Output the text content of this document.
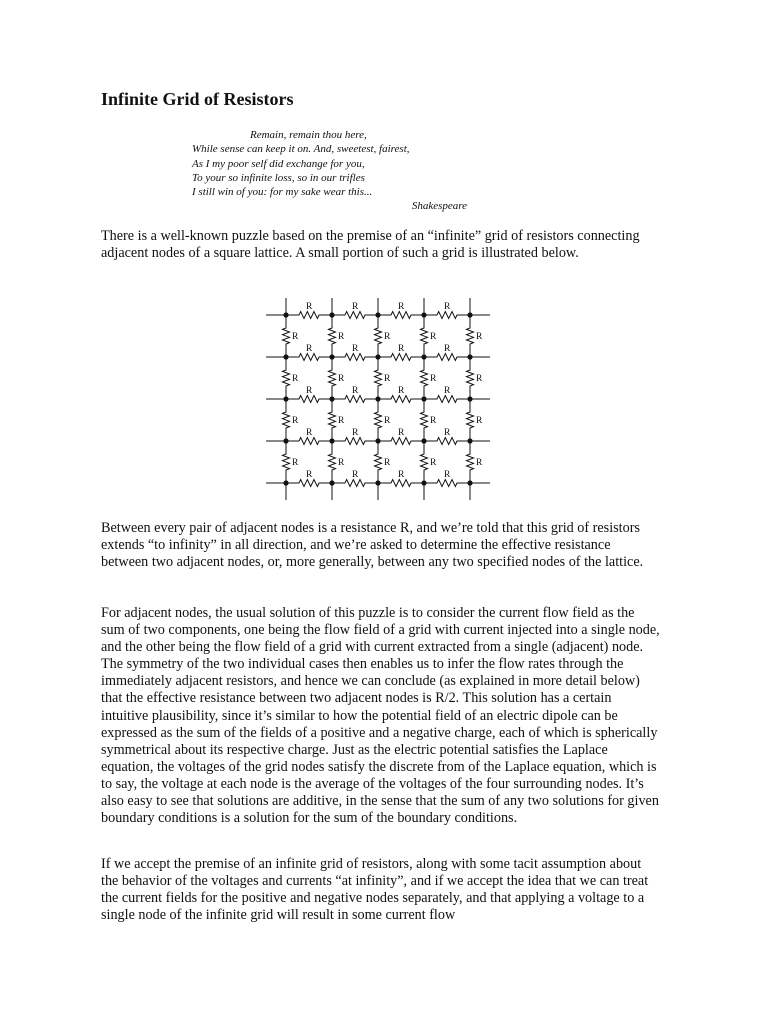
Infinite Grid of Resistors
Remain, remain thou here,
While sense can keep it on. And, sweetest, fairest,
As I my poor self did exchange for you,
To your so infinite loss, so in our trifles
I still win of you: for my sake wear this...
Shakespeare

There is a well-known puzzle based on the premise of an “infinite” grid of resistors connecting adjacent nodes of a square lattice. A small portion of such a grid is illustrated below.

R	R	R	R
R	R	R	R
R	R	R	R
R	R	R	R
R	R	R	R
R
R
R
R
R
R
R
R
R
R
R
R
R
R
R
R
R
R
R
R

Between every pair of adjacent nodes is a resistance R, and we’re told that this grid of resistors extends “to infinity” in all direction, and we’re asked to determine the effective resistance between two adjacent nodes, or, more generally, between any two specified nodes of the lattice.

For adjacent nodes, the usual solution of this puzzle is to consider the current flow field as the sum of two components, one being the flow field of a grid with current injected into a single node, and the other being the flow field of a grid with current extracted from a single (adjacent) node. The symmetry of the two individual cases then enables us to infer the flow rates through the immediately adjacent resistors, and hence we can conclude (as explained in more detail below) that the effective resistance between two adjacent nodes is R/2. This solution has a certain intuitive plausibility, since it’s similar to how the potential field of an electric dipole can be expressed as the sum of the fields of a positive and a negative charge, each of which is spherically symmetrical about its respective charge. Just as the electric potential satisfies the Laplace equation, the voltages of the grid nodes satisfy the discrete from of the Laplace equation, which is to say, the voltage at each node is the average of the voltages of the four surrounding nodes. It’s also easy to see that solutions are additive, in the sense that the sum of any two solutions for given boundary conditions is a solution for the sum of the boundary conditions.

If we accept the premise of an infinite grid of resistors, along with some tacit assumption about the behavior of the voltages and currents “at infinity”, and if we accept the idea that we can treat the current fields for the positive and negative nodes separately, and that applying a voltage to a single node of the infinite grid will result in some current flow
